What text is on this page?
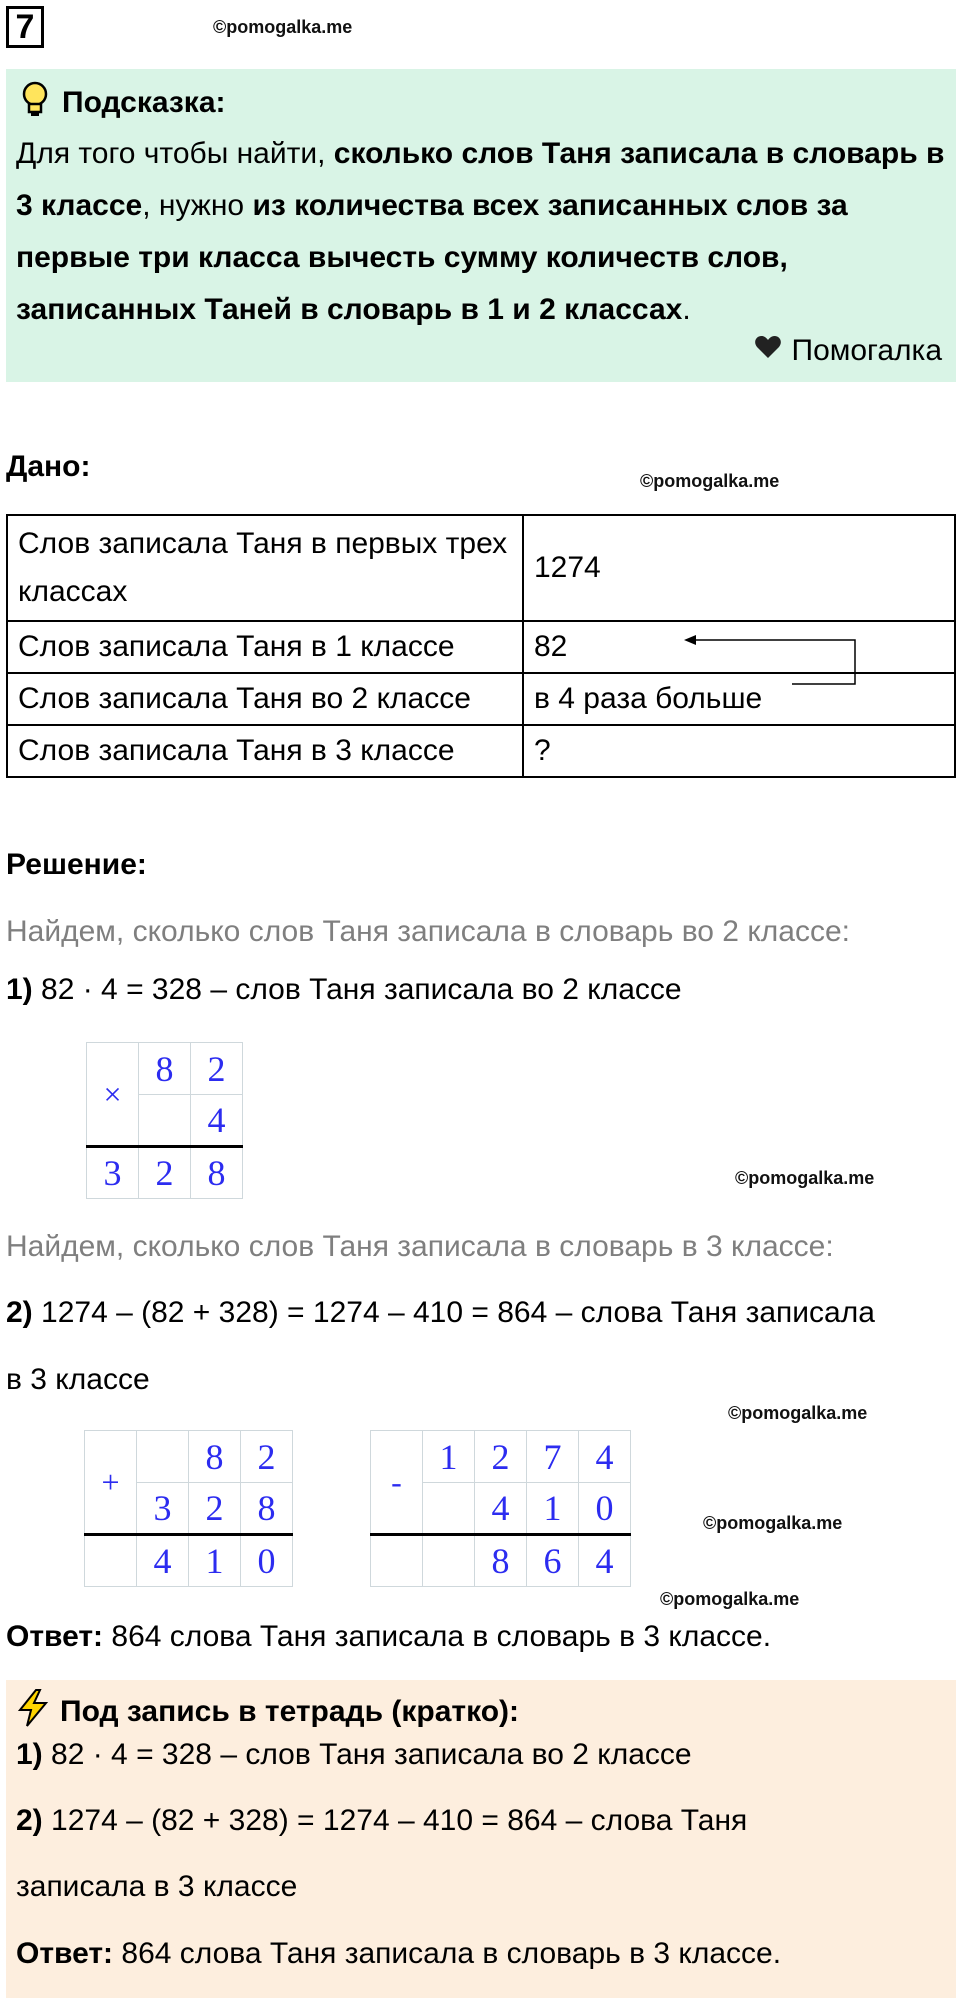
7	©pomogalka.me
Подсказка:
Для того чтобы найти, сколько слов Таня записала в словарь в 3 классе, нужно из количества всех записанных слов за первые три класса вычесть сумму количеств слов, записанных Таней в словарь в 1 и 2 классах.
Помогалка
Дано:	©pomogalka.me
Слов записала Таня в первых трех классах	1274
Слов записала Таня в 1 классе	82
Слов записала Таня во 2 классе	в 4 раза больше
Слов записала Таня в 3 классе	?
Решение:
Найдем, сколько слов Таня записала в словарь во 2 классе:
1) 82 · 4 = 328 – слов Таня записала во 2 классе
×	8	2
		4
3	2	8	©pomogalka.me
Найдем, сколько слов Таня записала в словарь в 3 классе:
2) 1274 – (82 + 328) = 1274 – 410 = 864 – слова Таня записала
в 3 классе
©pomogalka.me
+		8	2
	3	2	8
	4	1	0
-	1	2	7	4
		4	1	0
		8	6	4
©pomogalka.me
©pomogalka.me
Ответ: 864 слова Таня записала в словарь в 3 классе.
Под запись в тетрадь (кратко):
1) 82 · 4 = 328 – слов Таня записала во 2 классе
2) 1274 – (82 + 328) = 1274 – 410 = 864 – слова Таня
записала в 3 классе
Ответ: 864 слова Таня записала в словарь в 3 классе.
